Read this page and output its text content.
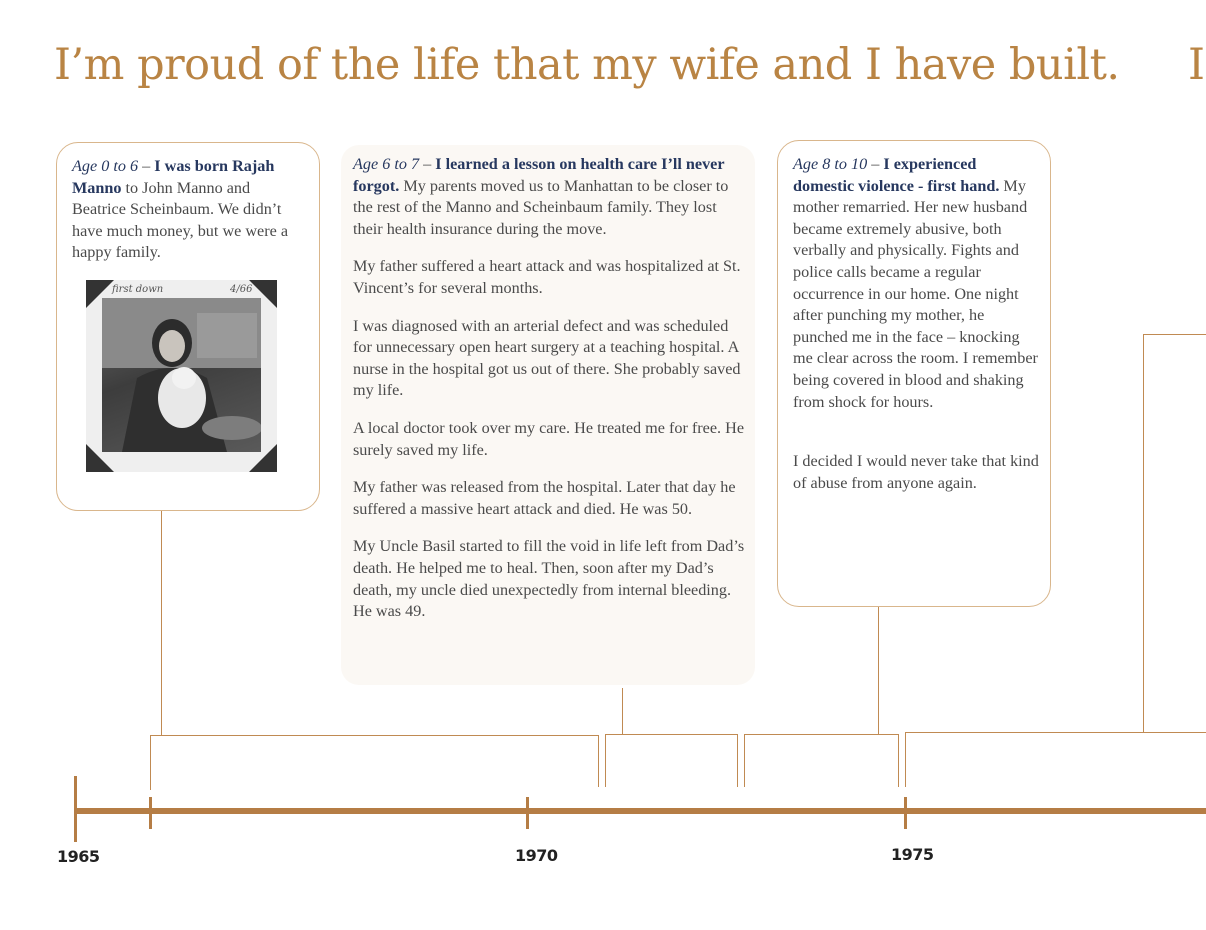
I’m proud of the life that my wife and I have built. I
Age 0 to 6 – I was born Rajah Manno to John Manno and Beatrice Scheinbaum. We didn’t have much money, but we were a happy family.
first down	4/66

Age 6 to 7 – I learned a lesson on health care I’ll never forgot. My parents moved us to Manhattan to be closer to the rest of the Manno and Scheinbaum family. They lost their health insurance during the move.

My father suffered a heart attack and was hospitalized at St. Vincent’s for several months.

I was diagnosed with an arterial defect and was scheduled for unnecessary open heart surgery at a teaching hospital. A nurse in the hospital got us out of there. She probably saved my life.

A local doctor took over my care. He treated me for free. He surely saved my life.

My father was released from the hospital. Later that day he suffered a massive heart attack and died. He was 50.

My Uncle Basil started to fill the void in life left from Dad’s death. He helped me to heal. Then, soon after my Dad’s death, my uncle died unexpectedly from internal bleeding. He was 49.

Age 8 to 10 – I experienced domestic violence - first hand. My mother remarried. Her new husband became extremely abusive, both verbally and physically. Fights and police calls became a regular occurrence in our home. One night after punching my mother, he punched me in the face – knocking me clear across the room. I remember being covered in blood and shaking from shock for hours.

I decided I would never take that kind of abuse from anyone again.

1965	1970	1975
